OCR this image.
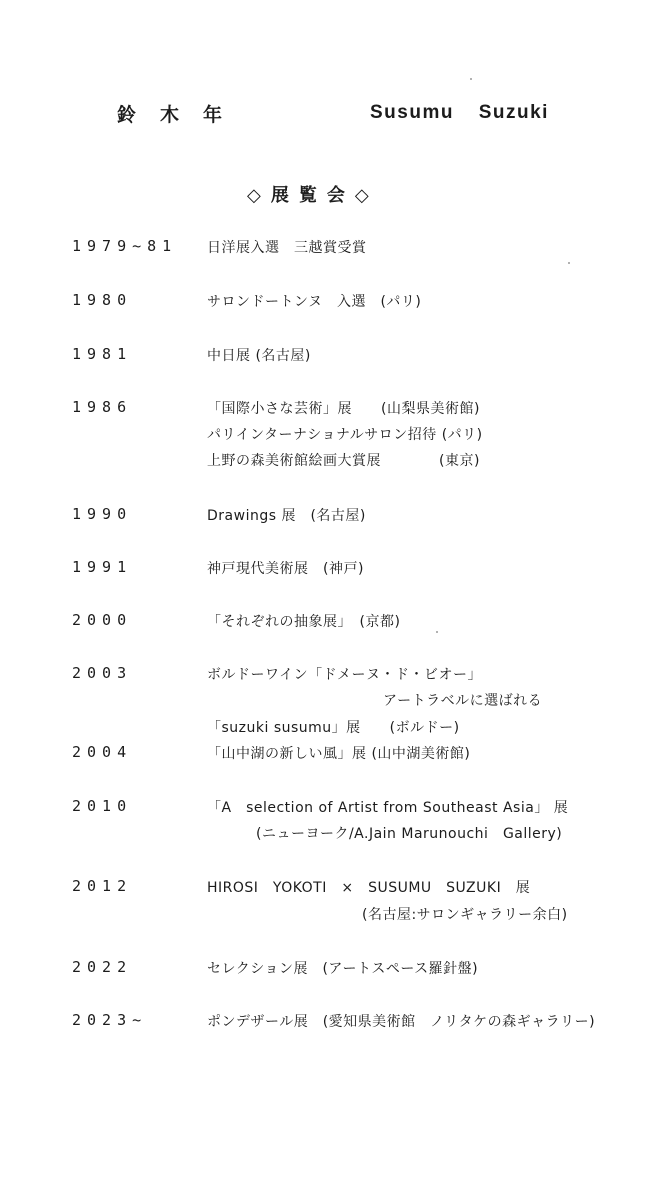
鈴木年	Susumu Suzuki
◇展覧会◇
1979~81 日洋展入選　三越賞受賞
1980	サロンドートンヌ　入選　(パリ)
1981	中日展 (名古屋)
1986	「国際小さな芸術」展　　(山梨県美術館)
パリインターナショナルサロン招待 (パリ)
上野の森美術館絵画大賞展　　　　(東京)
1990	Drawings 展　(名古屋)
1991	神戸現代美術展　(神戸)
2000	「それぞれの抽象展」　(京都)
2003	ボルドーワイン「ドメーヌ・ド・ビオー」
アートラベルに選ばれる
「suzuki susumu」展　　(ボルドー)
2004	「山中湖の新しい風」展 (山中湖美術館)
2010	「A　selection of Artist from Southeast Asia」 展
(ニューヨーク/A.Jain Marunouchi　Gallery)
2012	HIROSI　YOKOTI　×　SUSUMU　SUZUKI　展
(名古屋:サロンギャラリー余白)
2022	セレクション展　(アートスペース羅針盤)
2023~	ポンデザール展　(愛知県美術館　ノリタケの森ギャラリー)
